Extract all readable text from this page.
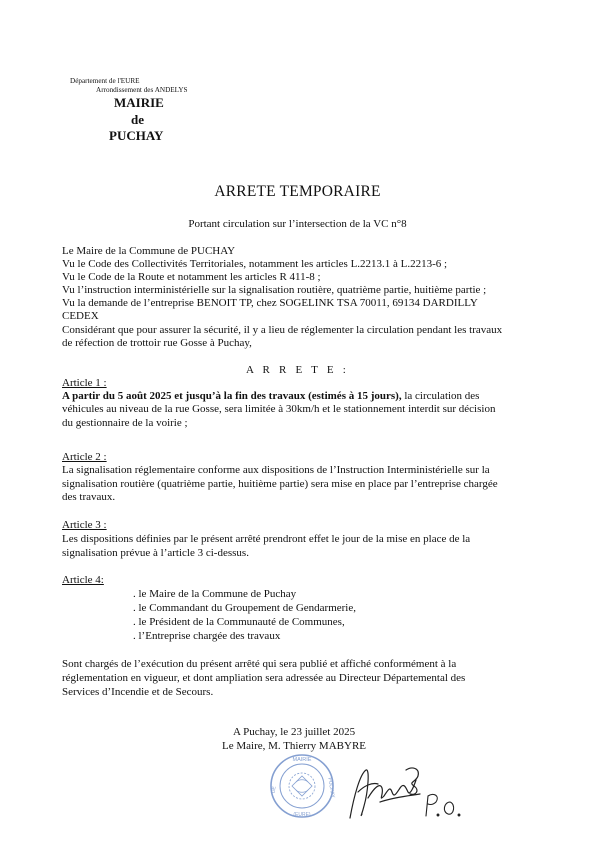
Département de l'EURE
Arrondissement des ANDELYS
MAIRIE
de
PUCHAY
ARRETE TEMPORAIRE
Portant circulation sur l’intersection de la VC n°8
Le Maire de la Commune de PUCHAY
Vu le Code des Collectivités Territoriales, notamment les articles L.2213.1 à L.2213-6 ;
Vu le Code de la Route et notamment les articles R 411-8 ;
Vu l’instruction interministérielle sur la signalisation routière, quatrième partie, huitième partie ;
Vu la demande de l’entreprise BENOIT TP, chez SOGELINK TSA 70011, 69134 DARDILLY
CEDEX
Considérant que pour assurer la sécurité, il y a lieu de réglementer la circulation pendant les travaux
de réfection de trottoir rue Gosse à Puchay,
A R R E T E :
Article 1 :
A partir du 5 août 2025 et jusqu’à la fin des travaux (estimés à 15 jours), la circulation des
véhicules au niveau de la rue Gosse, sera limitée à 30km/h et le stationnement interdit sur décision
du gestionnaire de la voirie ;
Article 2 :
La signalisation réglementaire conforme aux dispositions de l’Instruction Interministérielle sur la
signalisation routière (quatrième partie, huitième partie) sera mise en place par l’entreprise chargée
des travaux.
Article 3 :
Les dispositions définies par le présent arrêté prendront effet le jour de la mise en place de la
signalisation prévue à l’article 3 ci-dessus.
Article 4:
. le Maire de la Commune de Puchay
. le Commandant du Groupement de Gendarmerie,
. le Président de la Communauté de Communes,
. l’Entreprise chargée des travaux
Sont chargés de l’exécution du présent arrêté qui sera publié et affiché conformément à la
réglementation en vigueur, et dont ampliation sera adressée au Directeur Départemental des
Services d’Incendie et de Secours.
A Puchay, le 23 juillet 2025
Le Maire, M. Thierry MABYRE
MAIRIE
DE	PUCHAY
(EURE)
